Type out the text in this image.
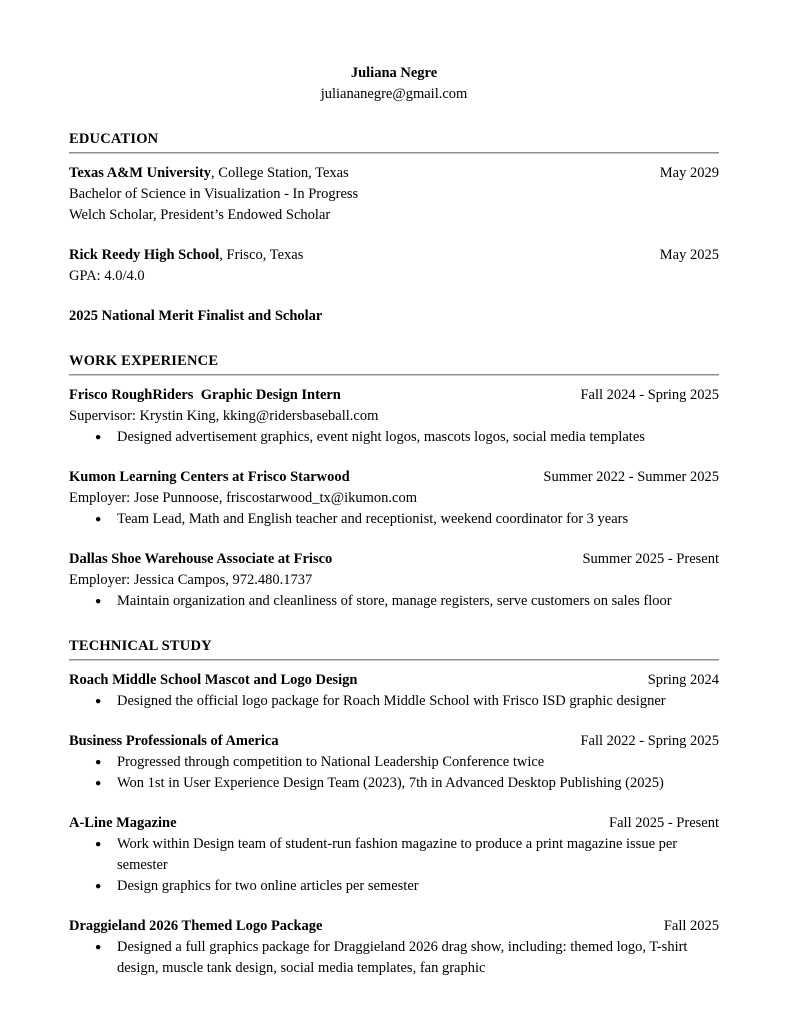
Juliana Negre
juliananegre@gmail.com
EDUCATION
Texas A&M University, College Station, Texas	May 2029
Bachelor of Science in Visualization - In Progress
Welch Scholar, President’s Endowed Scholar
Rick Reedy High School, Frisco, Texas	May 2025
GPA: 4.0/4.0
2025 National Merit Finalist and Scholar
WORK EXPERIENCE
Frisco RoughRiders  Graphic Design Intern	Fall 2024 - Spring 2025
Supervisor: Krystin King, kking@ridersbaseball.com
● Designed advertisement graphics, event night logos, mascots logos, social media templates
Kumon Learning Centers at Frisco Starwood	Summer 2022 - Summer 2025
Employer: Jose Punnoose, friscostarwood_tx@ikumon.com
● Team Lead, Math and English teacher and receptionist, weekend coordinator for 3 years
Dallas Shoe Warehouse Associate at Frisco	Summer 2025 - Present
Employer: Jessica Campos, 972.480.1737
● Maintain organization and cleanliness of store, manage registers, serve customers on sales floor
TECHNICAL STUDY
Roach Middle School Mascot and Logo Design	Spring 2024
● Designed the official logo package for Roach Middle School with Frisco ISD graphic designer
Business Professionals of America	Fall 2022 - Spring 2025
● Progressed through competition to National Leadership Conference twice
● Won 1st in User Experience Design Team (2023), 7th in Advanced Desktop Publishing (2025)
A-Line Magazine	Fall 2025 - Present
● Work within Design team of student-run fashion magazine to produce a print magazine issue per semester
● Design graphics for two online articles per semester
Draggieland 2026 Themed Logo Package	Fall 2025
● Designed a full graphics package for Draggieland 2026 drag show, including: themed logo, T-shirt design, muscle tank design, social media templates, fan graphic
